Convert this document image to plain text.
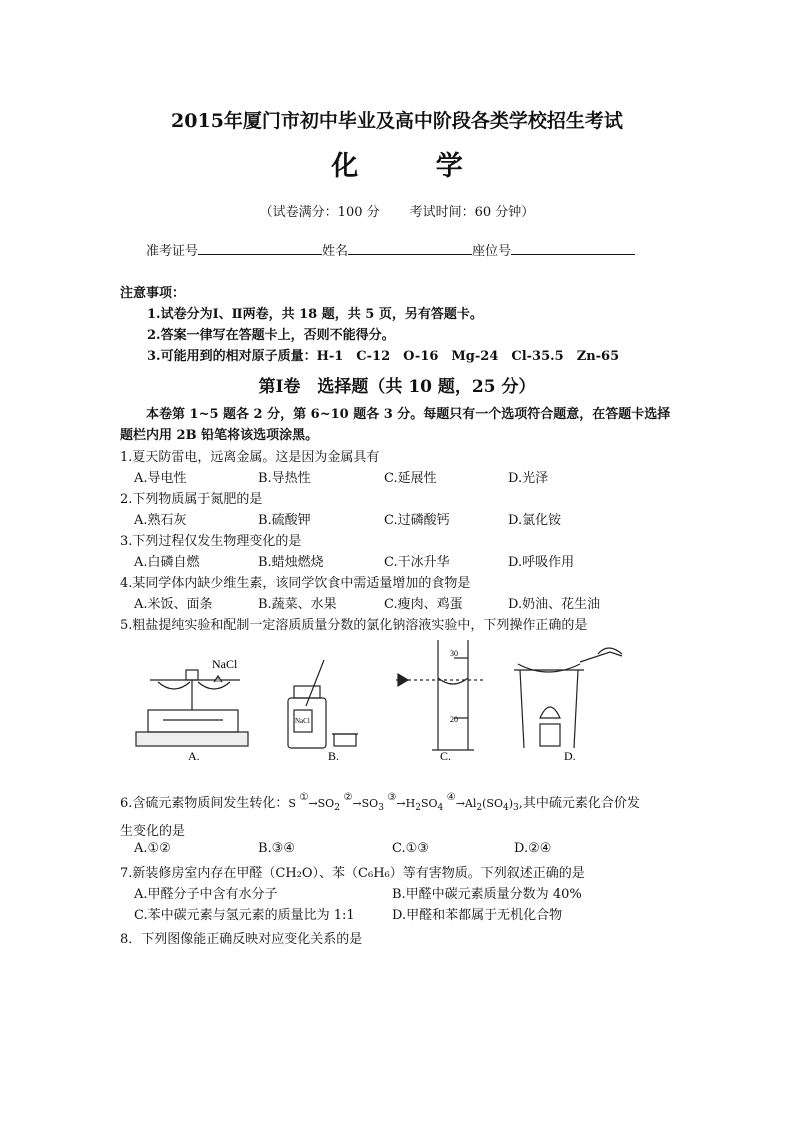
2015年厦门市初中毕业及高中阶段各类学校招生考试
化 学
（试卷满分：100 分 考试时间：60 分钟）
准考证号	姓名	座位号
注意事项：
1.试卷分为Ⅰ、Ⅱ两卷，共 18 题，共 5 页，另有答题卡。
2.答案一律写在答题卡上，否则不能得分。
3.可能用到的相对原子质量：H-1　C-12　O-16　Mg-24　Cl-35.5　Zn-65
第Ⅰ卷　选择题（共 10 题，25 分）
本卷第 1~5 题各 2 分，第 6~10 题各 3 分。每题只有一个选项符合题意，在答题卡选择题栏内用 2B 铅笔将该选项涂黑。
1.夏天防雷电，远离金属。这是因为金属具有
A.导电性	B.导热性	C.延展性	D.光泽
2.下列物质属于氮肥的是
A.熟石灰	B.硫酸钾	C.过磷酸钙	D.氯化铵
3.下列过程仅发生物理变化的是
A.白磷自燃	B.蜡烛燃烧	C.干冰升华	D.呼吸作用
4.某同学体内缺少维生素，该同学饮食中需适量增加的食物是
A.米饭、面条	B.蔬菜、水果	C.瘦肉、鸡蛋	D.奶油、花生油
5.粗盐提纯实验和配制一定溶质质量分数的氯化钠溶液实验中，下列操作正确的是
NaCl
NaCl
30
20
A.	B.	C.	D.
6.含硫元素物质间发生转化：S $①\to SO_2$ $②\to SO_3$ $③\to H_2SO_4$ $④\to Al_2(SO_4)_3$,其中硫元素化合价发
生变化的是
A.①②	B.③④	C.①③	D.②④
7.新装修房室内存在甲醛（CH₂O）、苯（C₆H₆）等有害物质。下列叙述正确的是
A.甲醛分子中含有水分子	B.甲醛中碳元素质量分数为 40%
C.苯中碳元素与氢元素的质量比为 1:1	D.甲醛和苯都属于无机化合物
8．下列图像能正确反映对应变化关系的是
